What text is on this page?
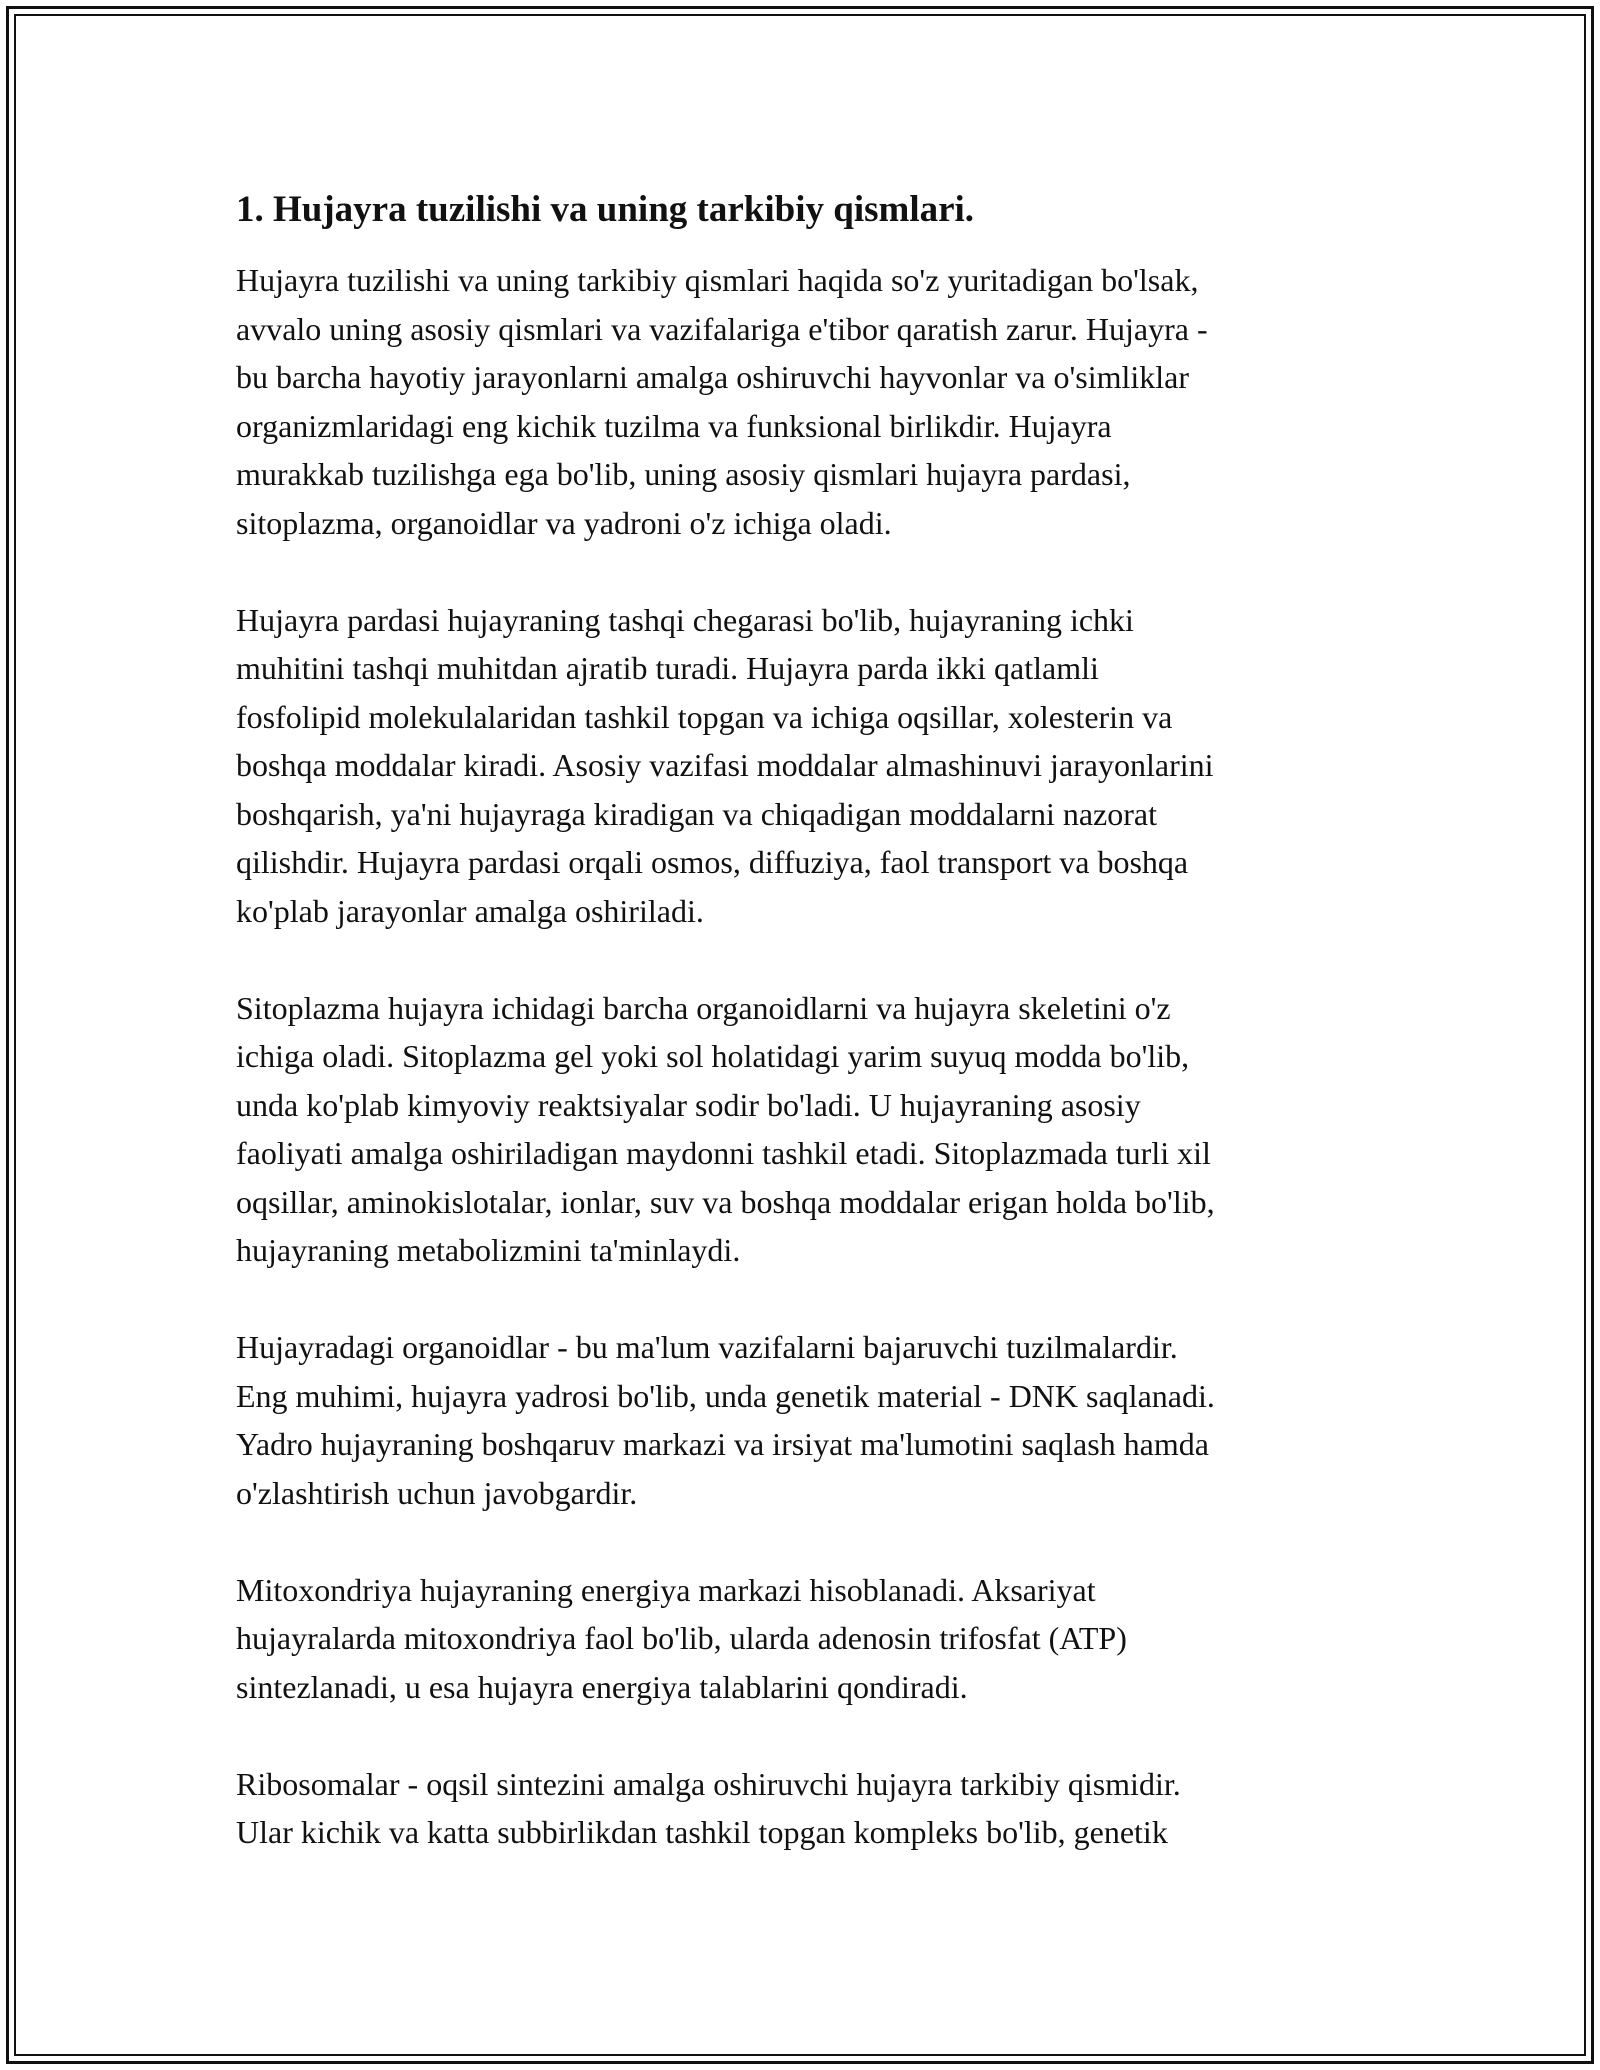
1. Hujayra tuzilishi va uning tarkibiy qismlari.

Hujayra tuzilishi va uning tarkibiy qismlari haqida so'z yuritadigan bo'lsak,
avvalo uning asosiy qismlari va vazifalariga e'tibor qaratish zarur. Hujayra -
bu barcha hayotiy jarayonlarni amalga oshiruvchi hayvonlar va o'simliklar
organizmlaridagi eng kichik tuzilma va funksional birlikdir. Hujayra
murakkab tuzilishga ega bo'lib, uning asosiy qismlari hujayra pardasi,
sitoplazma, organoidlar va yadroni o'z ichiga oladi.

Hujayra pardasi hujayraning tashqi chegarasi bo'lib, hujayraning ichki
muhitini tashqi muhitdan ajratib turadi. Hujayra parda ikki qatlamli
fosfolipid molekulalaridan tashkil topgan va ichiga oqsillar, xolesterin va
boshqa moddalar kiradi. Asosiy vazifasi moddalar almashinuvi jarayonlarini
boshqarish, ya'ni hujayraga kiradigan va chiqadigan moddalarni nazorat
qilishdir. Hujayra pardasi orqali osmos, diffuziya, faol transport va boshqa
ko'plab jarayonlar amalga oshiriladi.

Sitoplazma hujayra ichidagi barcha organoidlarni va hujayra skeletini o'z
ichiga oladi. Sitoplazma gel yoki sol holatidagi yarim suyuq modda bo'lib,
unda ko'plab kimyoviy reaktsiyalar sodir bo'ladi. U hujayraning asosiy
faoliyati amalga oshiriladigan maydonni tashkil etadi. Sitoplazmada turli xil
oqsillar, aminokislotalar, ionlar, suv va boshqa moddalar erigan holda bo'lib,
hujayraning metabolizmini ta'minlaydi.

Hujayradagi organoidlar - bu ma'lum vazifalarni bajaruvchi tuzilmalardir.
Eng muhimi, hujayra yadrosi bo'lib, unda genetik material - DNK saqlanadi.
Yadro hujayraning boshqaruv markazi va irsiyat ma'lumotini saqlash hamda
o'zlashtirish uchun javobgardir.

Mitoxondriya hujayraning energiya markazi hisoblanadi. Aksariyat
hujayralarda mitoxondriya faol bo'lib, ularda adenosin trifosfat (ATP)
sintezlanadi, u esa hujayra energiya talablarini qondiradi.

Ribosomalar - oqsil sintezini amalga oshiruvchi hujayra tarkibiy qismidir.
Ular kichik va katta subbirlikdan tashkil topgan kompleks bo'lib, genetik
